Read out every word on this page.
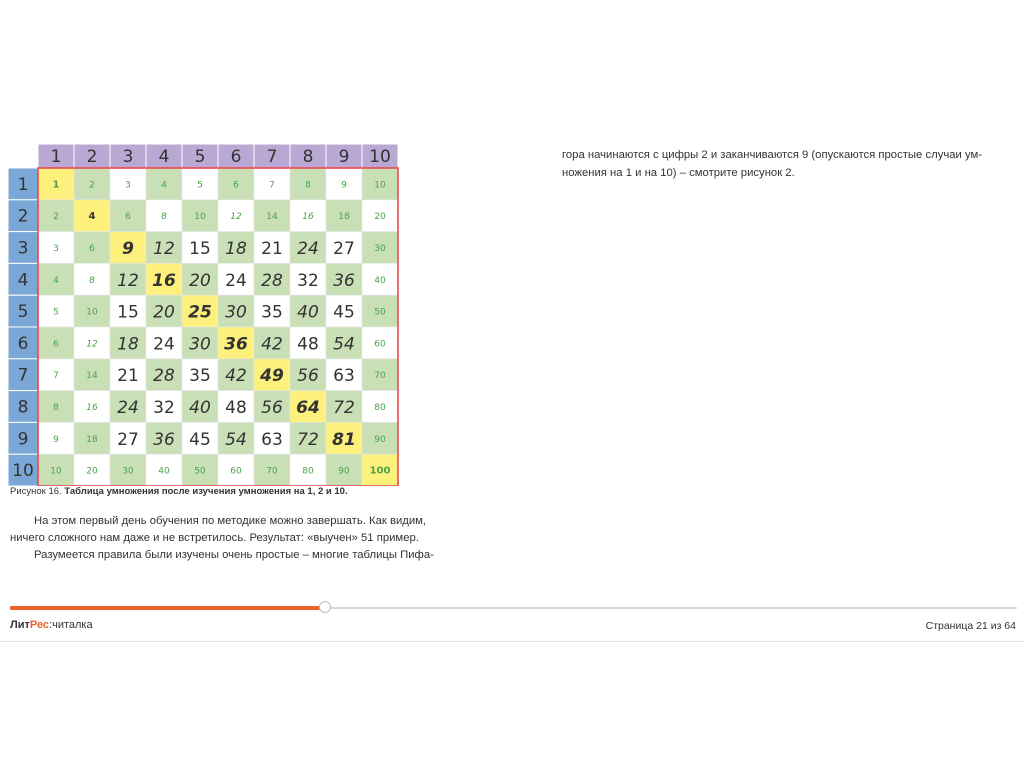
1 2 3 4 5 6 7 8 9 10
1
2
3
4
5
6
7
8
9
10
1	2	3	4	5	6	7	8	9	10
2	4	6	8	10	12	14	16	18	20
3	6 9 12 15 18 21 24 27 30
4	8 12 16 20 24 28 32 36 40
5	10 15 20 25 30 35 40 45 50
6	12 18 24 30 36 42 48 54 60
7	14 21 28 35 42 49 56 63 70
8	16 24 32 40 48 56 64 72 80
9	18 27 36 45 54 63 72 81 90
10	20	30	40	50	60	70	80	90 100
Рисунок 16. Таблица умножения после изучения умножения на 1, 2 и 10.

На этом первый день обучения по методике можно завершать. Как видим,

ничего сложного нам даже и не встретилось. Результат: «выучен» 51 пример.

Разумеется правила были изучены очень простые – многие таблицы Пифа-

гора начинаются с цифры 2 и заканчиваются 9 (опускаются простые случаи ум-

ножения на 1 и на 10) – смотрите рисунок 2.

ЛитРес:читалка	Страница 21 из 64
